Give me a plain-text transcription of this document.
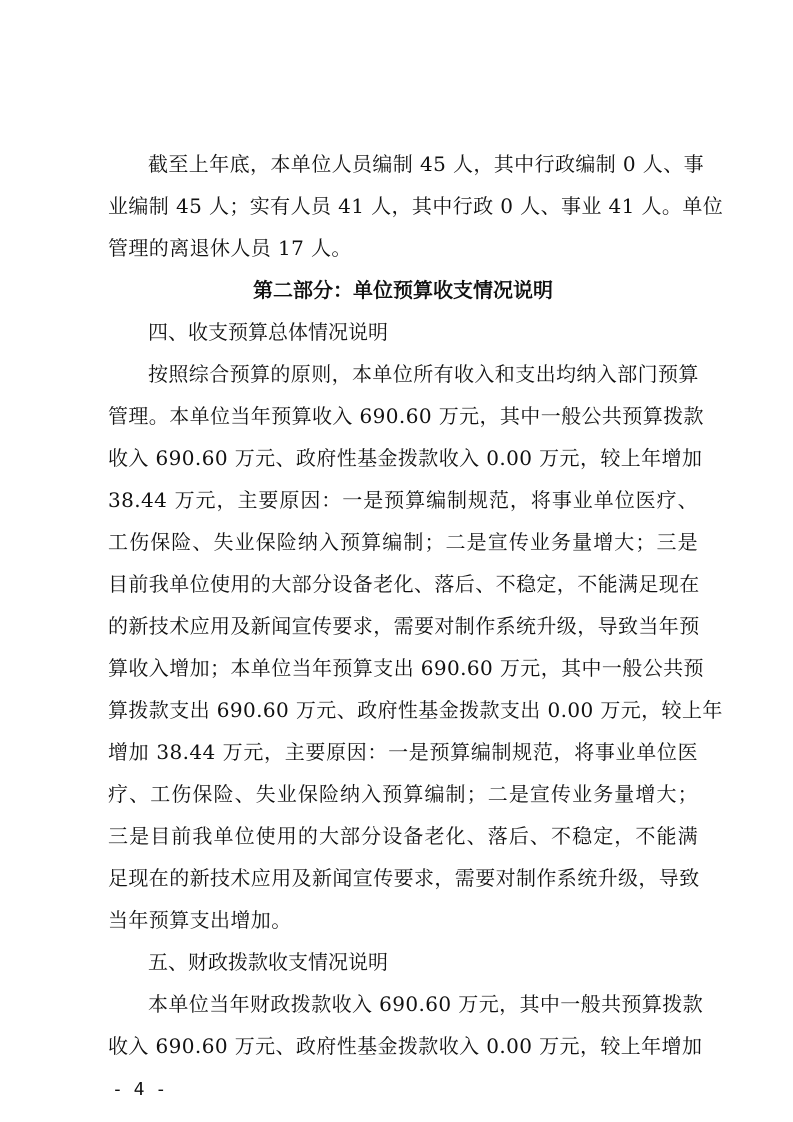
截至上年底，本单位人员编制 45 人，其中行政编制 0 人、事
业编制 45 人；实有人员 41 人，其中行政 0 人、事业 41 人。单位
管理的离退休人员 17 人。
第二部分：单位预算收支情况说明
四、收支预算总体情况说明
按照综合预算的原则，本单位所有收入和支出均纳入部门预算
管理。本单位当年预算收入 690.60 万元，其中一般公共预算拨款
收入 690.60 万元、政府性基金拨款收入 0.00 万元，较上年增加
38.44 万元，主要原因：一是预算编制规范，将事业单位医疗、
工伤保险、失业保险纳入预算编制；二是宣传业务量增大；三是
目前我单位使用的大部分设备老化、落后、不稳定，不能满足现在
的新技术应用及新闻宣传要求，需要对制作系统升级，导致当年预
算收入增加；本单位当年预算支出 690.60 万元，其中一般公共预
算拨款支出 690.60 万元、政府性基金拨款支出 0.00 万元，较上年
增加 38.44 万元，主要原因：一是预算编制规范，将事业单位医
疗、工伤保险、失业保险纳入预算编制；二是宣传业务量增大；
三是目前我单位使用的大部分设备老化、落后、不稳定，不能满
足现在的新技术应用及新闻宣传要求，需要对制作系统升级，导致
当年预算支出增加。
五、财政拨款收支情况说明
本单位当年财政拨款收入 690.60 万元，其中一般共预算拨款
收入 690.60 万元、政府性基金拨款收入 0.00 万元，较上年增加
- 4 -
